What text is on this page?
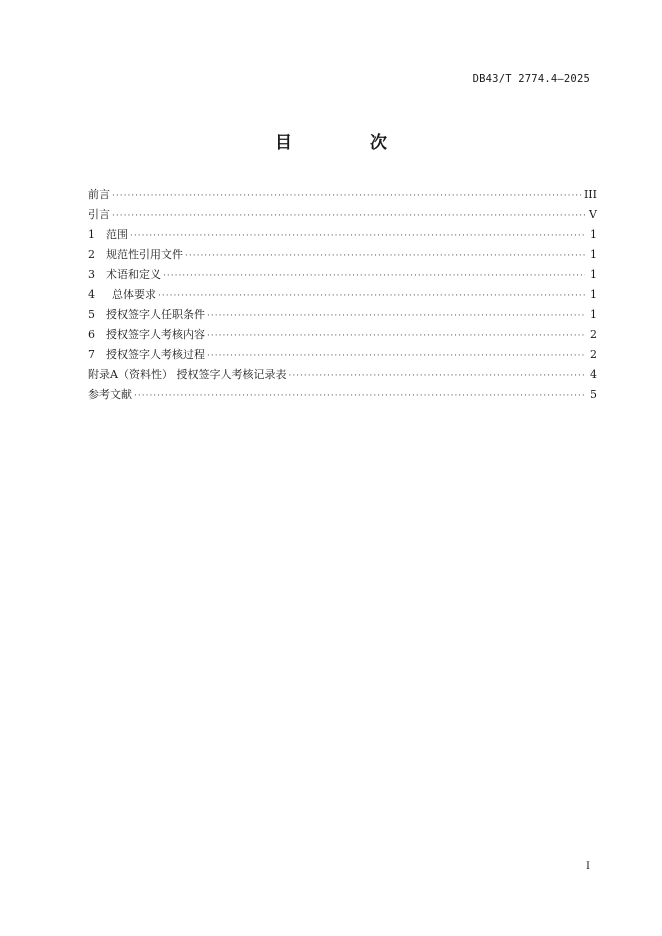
DB43/T 2774.4—2025
目 次
前言 ·····	III
引言 ·····	V
1	范围 ·····	1
2	规范性引用文件 ·····	1
3	术语和定义 ·····	1
4	总体要求 ·····	1
5	授权签字人任职条件 ·····	1
6	授权签字人考核内容 ·····	2
7	授权签字人考核过程 ·····	2
附录A（资料性） 授权签字人考核记录表 ·····	4
参考文献 ·····	5
I
